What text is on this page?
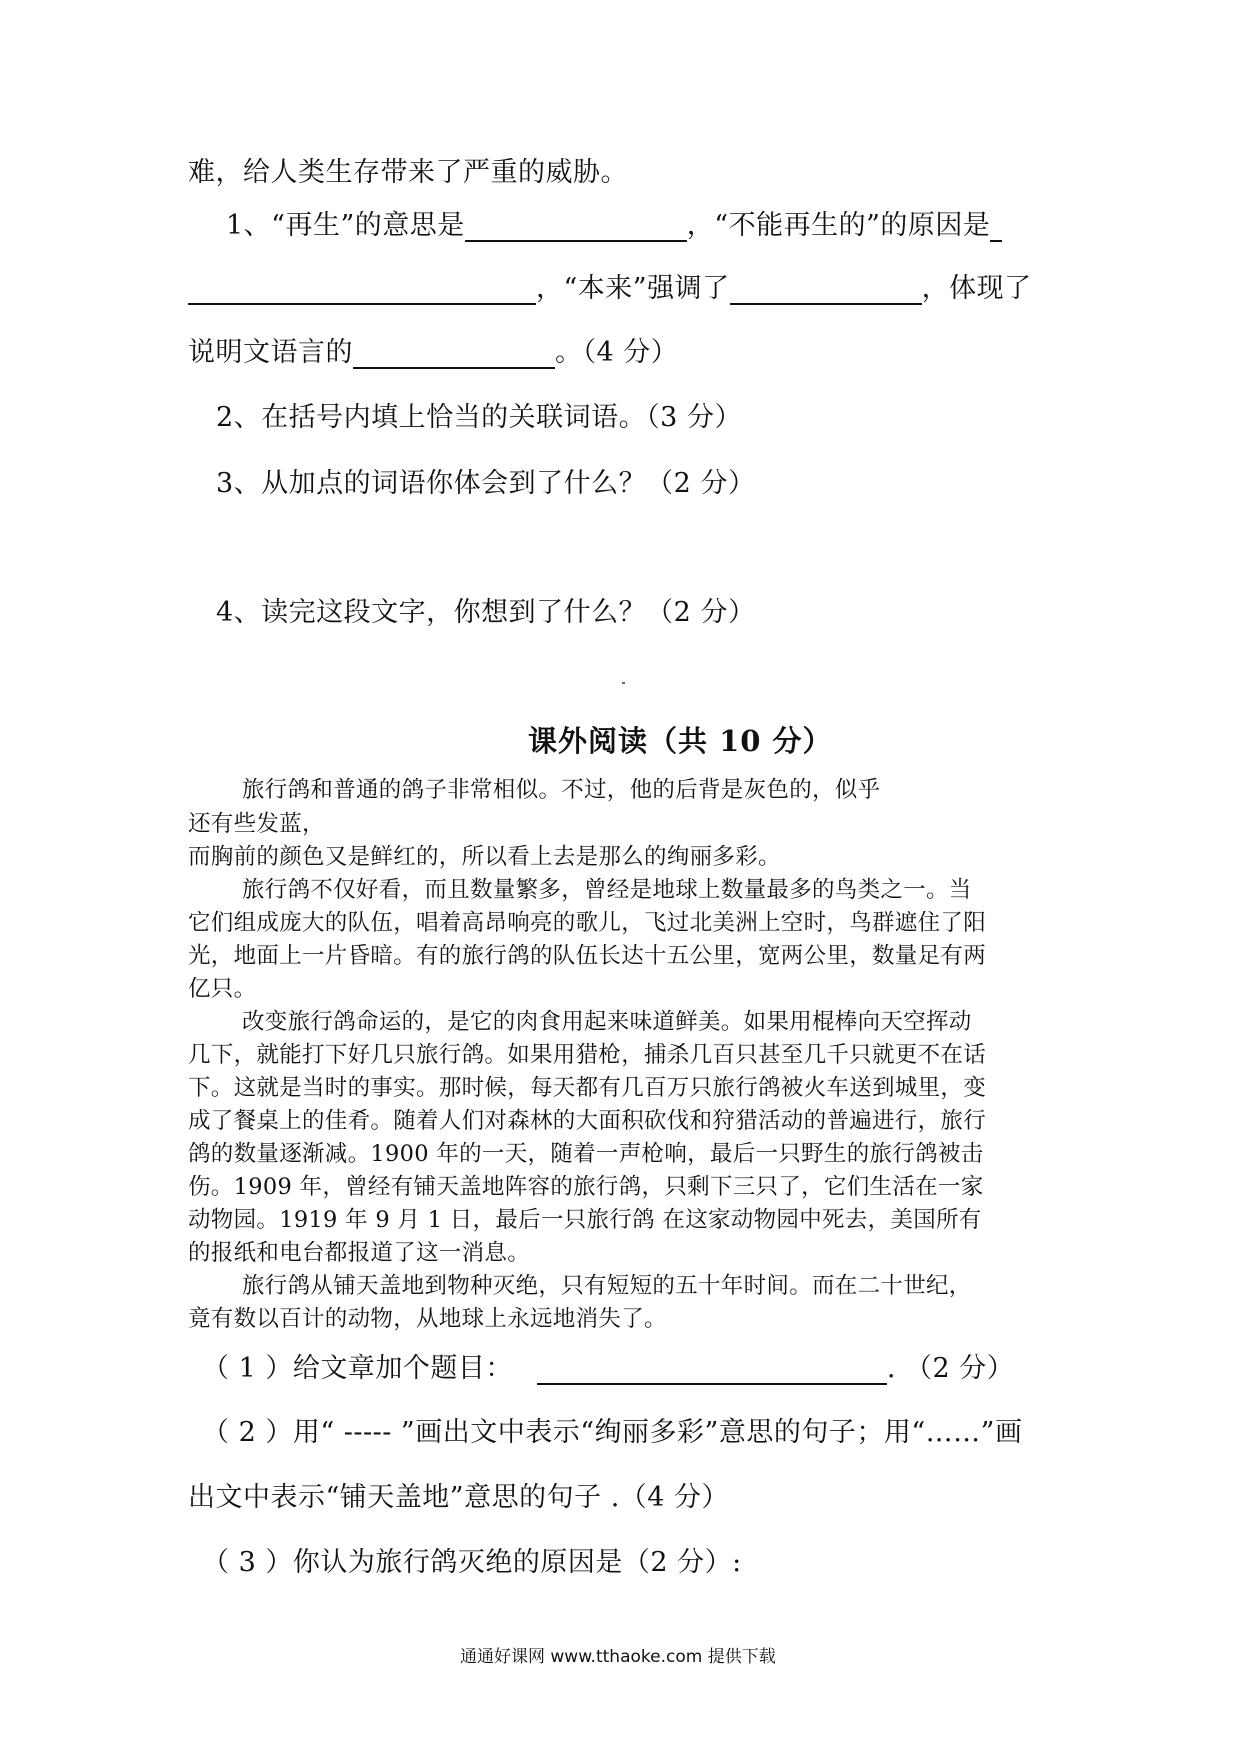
难，给人类生存带来了严重的威胁。
1、“再生”的意思是	，“不能再生的”的原因是
，“本来”强调了	，体现了
说明文语言的	。（4 分）
2、在括号内填上恰当的关联词语。（3 分）
3、从加点的词语你体会到了什么？（2 分）
4、读完这段文字，你想到了什么？（2 分）
课外阅读（共 10 分）
旅行鸽和普通的鸽子非常相似。不过，他的后背是灰色的，似乎
还有些发蓝，
而胸前的颜色又是鲜红的，所以看上去是那么的绚丽多彩。
旅行鸽不仅好看，而且数量繁多，曾经是地球上数量最多的鸟类之一。当
它们组成庞大的队伍，唱着高昂响亮的歌儿，飞过北美洲上空时，鸟群遮住了阳
光，地面上一片昏暗。有的旅行鸽的队伍长达十五公里，宽两公里，数量足有两
亿只。
改变旅行鸽命运的，是它的肉食用起来味道鲜美。如果用棍棒向天空挥动
几下，就能打下好几只旅行鸽。如果用猎枪，捕杀几百只甚至几千只就更不在话
下。这就是当时的事实。那时候，每天都有几百万只旅行鸽被火车送到城里，变
成了餐桌上的佳肴。随着人们对森林的大面积砍伐和狩猎活动的普遍进行，旅行
鸽的数量逐渐减。1900 年的一天，随着一声枪响，最后一只野生的旅行鸽被击
伤。1909 年，曾经有铺天盖地阵容的旅行鸽，只剩下三只了，它们生活在一家
动物园。1919 年 9 月 1 日，最后一只旅行鸽 在这家动物园中死去，美国所有
的报纸和电台都报道了这一消息。
旅行鸽从铺天盖地到物种灭绝，只有短短的五十年时间。而在二十世纪，
竟有数以百计的动物，从地球上永远地消失了。
（ 1 ）给文章加个题目：	. （2 分）
（ 2 ）用“ ----- ”画出文中表示“绚丽多彩”意思的句子；用“……”画
出文中表示“铺天盖地”意思的句子 .（4 分）
（ 3 ）你认为旅行鸽灭绝的原因是（2 分）:
通通好课网 www.tthaoke.com 提供下载
